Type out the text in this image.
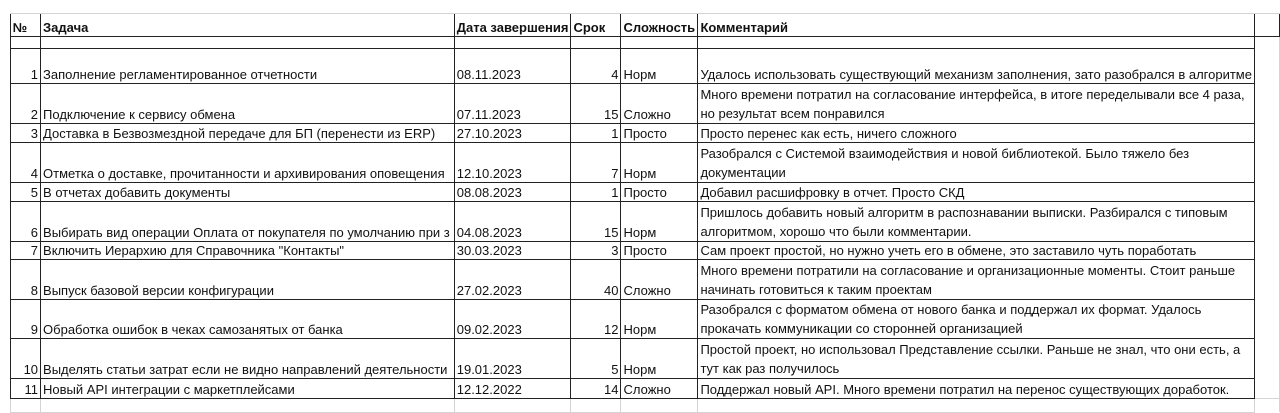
	№	Задача	Дата завершения	Срок	Сложность	Комментарий	

	1	Заполнение регламентированное отчетности	08.11.2023	4	Норм	Удалось использовать существующий механизм заполнения, зато разобрался в алгоритме	
	2	Подключение к сервису обмена	07.11.2023	15	Сложно	Много времени потратил на согласование интерфейса, в итоге переделывали все 4 раза, но результат всем понравился	
	3	Доставка в Безвозмездной передаче для БП (перенести из ERP)	27.10.2023	1	Просто	Просто перенес как есть, ничего сложного	
	4	Отметка о доставке, прочитанности и архивирования оповещения	12.10.2023	7	Норм	Разобрался с Системой взаимодействия и новой библиотекой. Было тяжело без документации	
	5	В отчетах добавить документы	08.08.2023	1	Просто	Добавил расшифровку в отчет. Просто СКД	
	6	Выбирать вид операции Оплата от покупателя по умолчанию при з	04.08.2023	15	Норм	Пришлось добавить новый алгоритм в распознавании выписки. Разбирался с типовым алгоритмом, хорошо что были комментарии.	
	7	Включить Иерархию для Справочника "Контакты"	30.03.2023	3	Просто	Сам проект простой, но нужно учеть его в обмене, это заставило чуть поработать	
	8	Выпуск базовой версии конфигурации	27.02.2023	40	Сложно	Много времени потратили на согласование и организационные моменты. Стоит раньше начинать готовиться к таким проектам	
	9	Обработка ошибок в чеках самозанятых от банка	09.02.2023	12	Норм	Разобрался с форматом обмена от нового банка и поддержал их формат. Удалось прокачать коммуникации со сторонней организацией	
	10	Выделять статьи затрат если не видно направлений деятельности	19.01.2023	5	Норм	Простой проект, но использовал Представление ссылки. Раньше не знал, что они есть, а тут как раз получилось	
	11	Новый API интеграции с маркетплейсами	12.12.2022	14	Сложно	Поддержал новый API. Много времени потратил на перенос существующих доработок.	
